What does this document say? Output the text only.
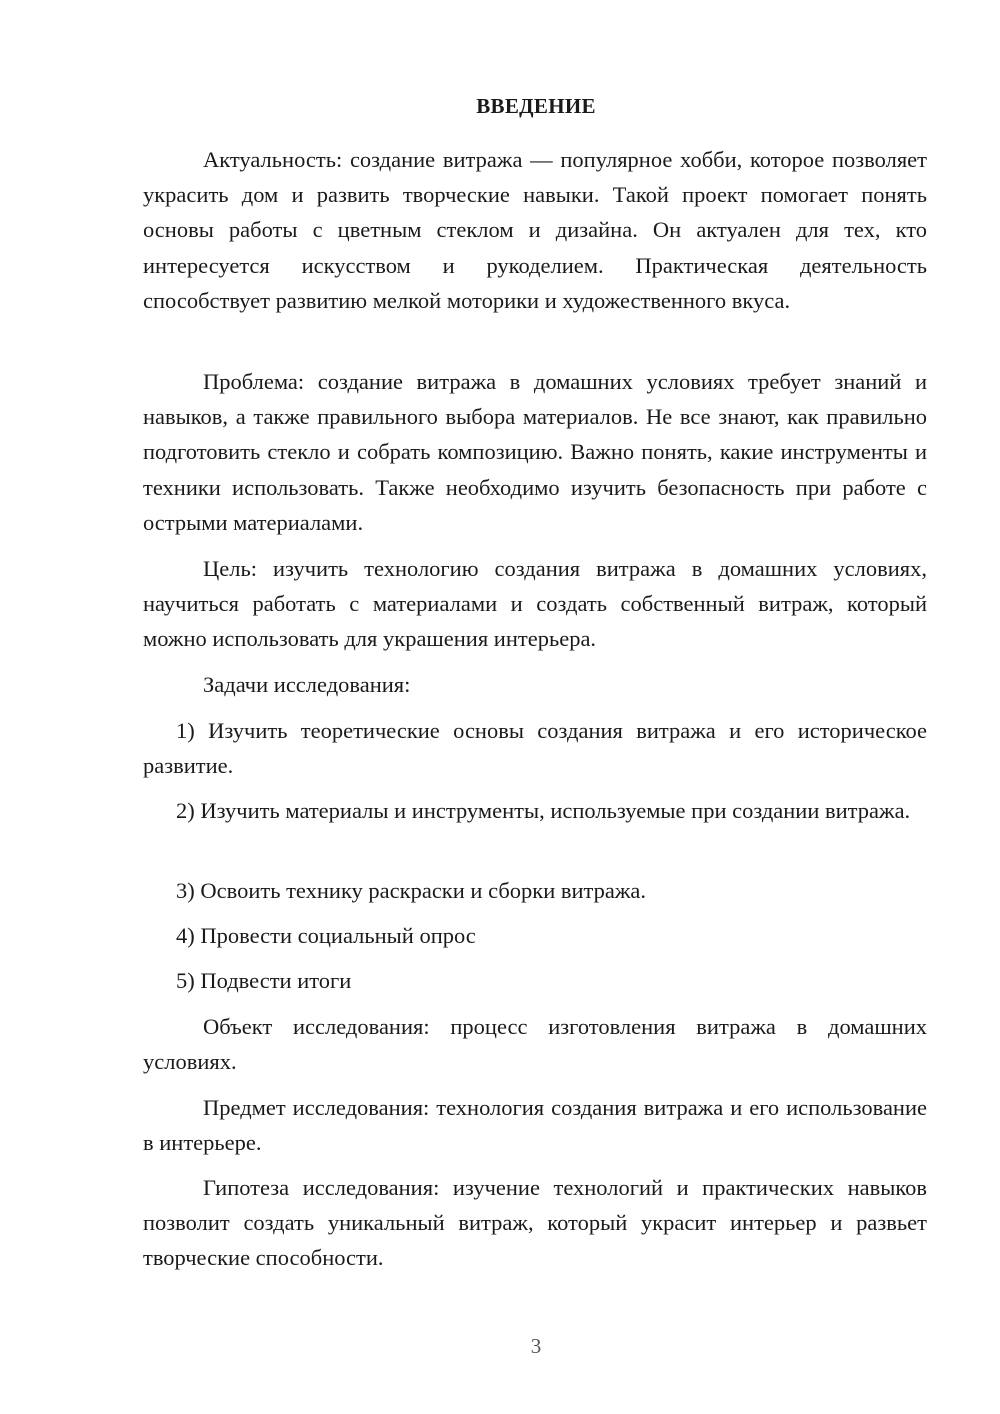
ВВЕДЕНИЕ

Актуальность: создание витража — популярное хобби, которое позволяет украсить дом и развить творческие навыки. Такой проект помогает понять основы работы с цветным стеклом и дизайна. Он актуален для тех, кто интересуется искусством и рукоделием. Практическая деятельность способствует развитию мелкой моторики и художественного вкуса.

Проблема: создание витража в домашних условиях требует знаний и навыков, а также правильного выбора материалов. Не все знают, как правильно подготовить стекло и собрать композицию. Важно понять, какие инструменты и техники использовать. Также необходимо изучить безопасность при работе с острыми материалами.

Цель: изучить технологию создания витража в домашних условиях, научиться работать с материалами и создать собственный витраж, который можно использовать для украшения интерьера.

Задачи исследования:

1) Изучить теоретические основы создания витража и его историческое развитие.

2) Изучить материалы и инструменты, используемые при создании витража.

3) Освоить технику раскраски и сборки витража.

4) Провести социальный опрос

5) Подвести итоги

Объект исследования: процесс изготовления витража в домашних условиях.

Предмет исследования: технология создания витража и его использование в интерьере.

Гипотеза исследования: изучение технологий и практических навыков позволит создать уникальный витраж, который украсит интерьер и развьет творческие способности.

3
